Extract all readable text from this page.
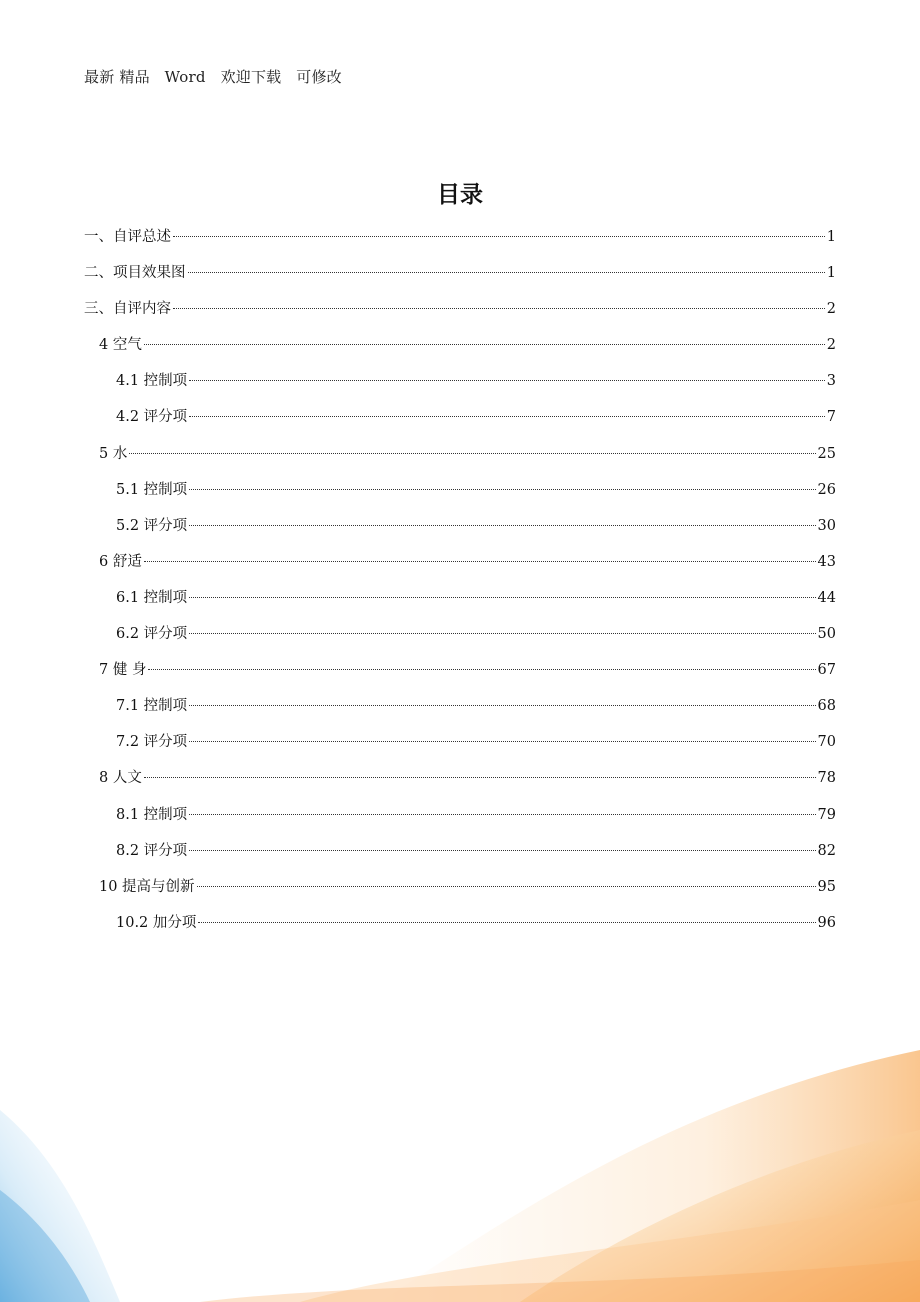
最新 精品   Word   欢迎下载   可修改
目录
一、自评总述	1
二、项目效果图	1
三、自评内容	2
4 空气	2
4.1 控制项	3
4.2 评分项	7
5 水	25
5.1 控制项	26
5.2 评分项	30
6 舒适	43
6.1 控制项	44
6.2 评分项	50
7 健 身	67
7.1 控制项	68
7.2 评分项	70
8 人文	78
8.1 控制项	79
8.2 评分项	82
10 提高与创新	95
10.2 加分项	96
